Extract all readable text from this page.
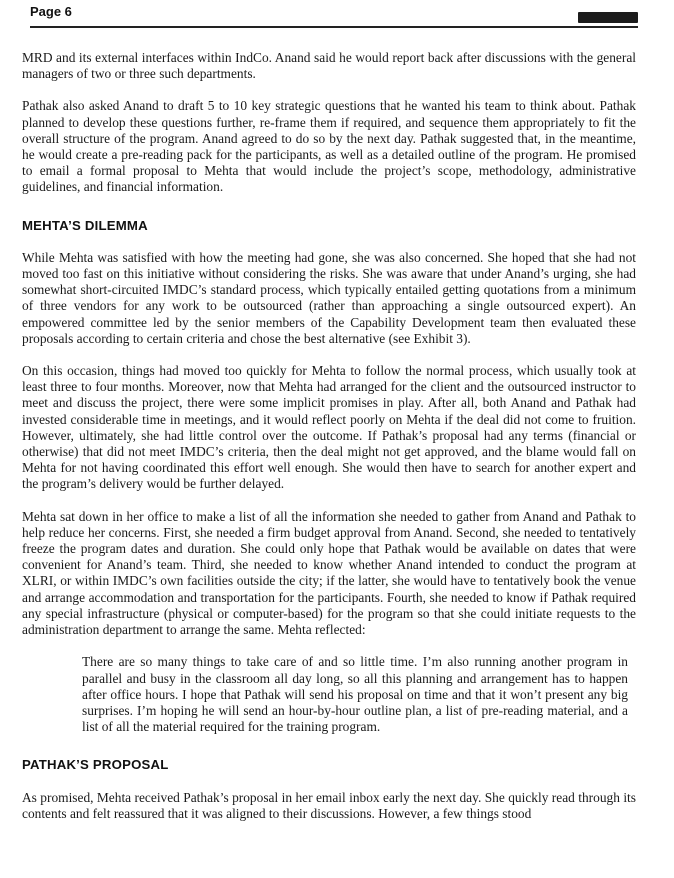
Page 6

MRD and its external interfaces within IndCo. Anand said he would report back after discussions with the general managers of two or three such departments.

Pathak also asked Anand to draft 5 to 10 key strategic questions that he wanted his team to think about. Pathak planned to develop these questions further, re-frame them if required, and sequence them appropriately to fit the overall structure of the program. Anand agreed to do so by the next day. Pathak suggested that, in the meantime, he would create a pre-reading pack for the participants, as well as a detailed outline of the program. He promised to email a formal proposal to Mehta that would include the project’s scope, methodology, administrative guidelines, and financial information.

MEHTA’S DILEMMA

While Mehta was satisfied with how the meeting had gone, she was also concerned. She hoped that she had not moved too fast on this initiative without considering the risks. She was aware that under Anand’s urging, she had somewhat short-circuited IMDC’s standard process, which typically entailed getting quotations from a minimum of three vendors for any work to be outsourced (rather than approaching a single outsourced expert). An empowered committee led by the senior members of the Capability Development team then evaluated these proposals according to certain criteria and chose the best alternative (see Exhibit 3).

On this occasion, things had moved too quickly for Mehta to follow the normal process, which usually took at least three to four months. Moreover, now that Mehta had arranged for the client and the outsourced instructor to meet and discuss the project, there were some implicit promises in play. After all, both Anand and Pathak had invested considerable time in meetings, and it would reflect poorly on Mehta if the deal did not come to fruition. However, ultimately, she had little control over the outcome. If Pathak’s proposal had any terms (financial or otherwise) that did not meet IMDC’s criteria, then the deal might not get approved, and the blame would fall on Mehta for not having coordinated this effort well enough. She would then have to search for another expert and the program’s delivery would be further delayed.

Mehta sat down in her office to make a list of all the information she needed to gather from Anand and Pathak to help reduce her concerns. First, she needed a firm budget approval from Anand. Second, she needed to tentatively freeze the program dates and duration. She could only hope that Pathak would be available on dates that were convenient for Anand’s team. Third, she needed to know whether Anand intended to conduct the program at XLRI, or within IMDC’s own facilities outside the city; if the latter, she would have to tentatively book the venue and arrange accommodation and transportation for the participants. Fourth, she needed to know if Pathak required any special infrastructure (physical or computer-based) for the program so that she could initiate requests to the administration department to arrange the same. Mehta reflected:

There are so many things to take care of and so little time. I’m also running another program in parallel and busy in the classroom all day long, so all this planning and arrangement has to happen after office hours. I hope that Pathak will send his proposal on time and that it won’t present any big surprises. I’m hoping he will send an hour-by-hour outline plan, a list of pre-reading material, and a list of all the material required for the training program.

PATHAK’S PROPOSAL

As promised, Mehta received Pathak’s proposal in her email inbox early the next day. She quickly read through its contents and felt reassured that it was aligned to their discussions. However, a few things stood
